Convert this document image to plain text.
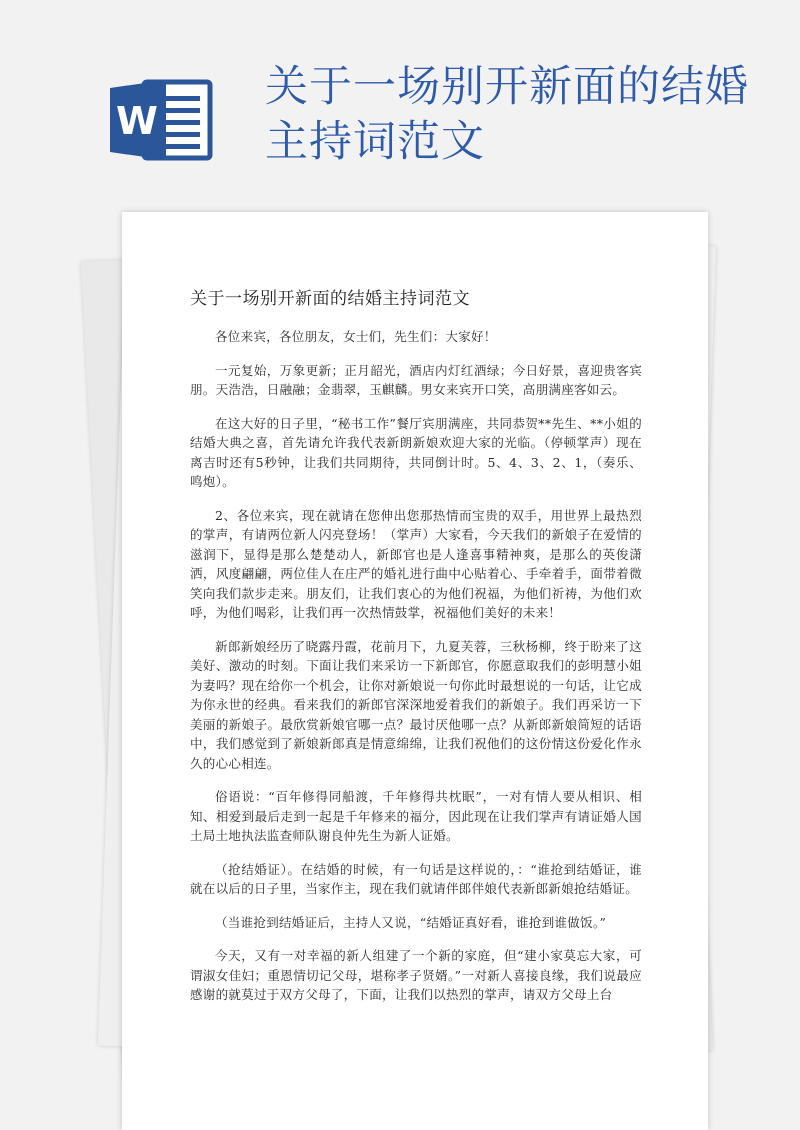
W
关于一场别开新面的结婚主持词范文
关于一场别开新面的结婚主持词范文

各位来宾，各位朋友，女士们，先生们：大家好！

一元复始，万象更新；正月韶光，酒店内灯红酒绿；今日好景，喜迎贵客宾朋。天浩浩，日融融；金翡翠，玉麒麟。男女来宾开口笑，高朋满座客如云。

在这大好的日子里，“秘书工作”餐厅宾朋满座，共同恭贺**先生、**小姐的结婚大典之喜，首先请允许我代表新朗新娘欢迎大家的光临。（停顿掌声）现在离吉时还有5秒钟，让我们共同期待，共同倒计时。5、4、3、2、1，（奏乐、鸣炮）。

2、各位来宾，现在就请在您伸出您那热情而宝贵的双手，用世界上最热烈的掌声，有请两位新人闪亮登场！（掌声）大家看，今天我们的新娘子在爱情的滋润下，显得是那么楚楚动人，新郎官也是人逢喜事精神爽，是那么的英俊潇洒，风度翩翩，两位佳人在庄严的婚礼进行曲中心贴着心、手牵着手，面带着微笑向我们款步走来。朋友们，让我们衷心的为他们祝福，为他们祈祷，为他们欢呼，为他们喝彩，让我们再一次热情鼓掌，祝福他们美好的未来！

新郎新娘经历了晓露丹霞，花前月下，九夏芙蓉，三秋杨柳，终于盼来了这美好、激动的时刻。下面让我们来采访一下新郎官，你愿意取我们的彭明慧小姐为妻吗？现在给你一个机会，让你对新娘说一句你此时最想说的一句话，让它成为你永世的经典。看来我们的新郎官深深地爱着我们的新娘子。我们再采访一下美丽的新娘子。最欣赏新娘官哪一点？最讨厌他哪一点？从新郎新娘简短的话语中，我们感觉到了新娘新郎真是情意绵绵，让我们祝他们的这份情这份爱化作永久的心心相连。

俗语说：“百年修得同船渡，千年修得共枕眠”，一对有情人要从相识、相知、相爱到最后走到一起是千年修来的福分，因此现在让我们掌声有请证婚人国土局土地执法监查师队谢良仲先生为新人证婚。

（抢结婚证）。在结婚的时候，有一句话是这样说的，：“谁抢到结婚证，谁就在以后的日子里，当家作主，现在我们就请伴郎伴娘代表新郎新娘抢结婚证。

（当谁抢到结婚证后，主持人又说，“结婚证真好看，谁抢到谁做饭。”

今天，又有一对幸福的新人组建了一个新的家庭，但“建小家莫忘大家，可谓淑女佳妇；重恩情切记父母，堪称孝子贤婿。”一对新人喜接良缘，我们说最应感谢的就莫过于双方父母了，下面，让我们以热烈的掌声，请双方父母上台
